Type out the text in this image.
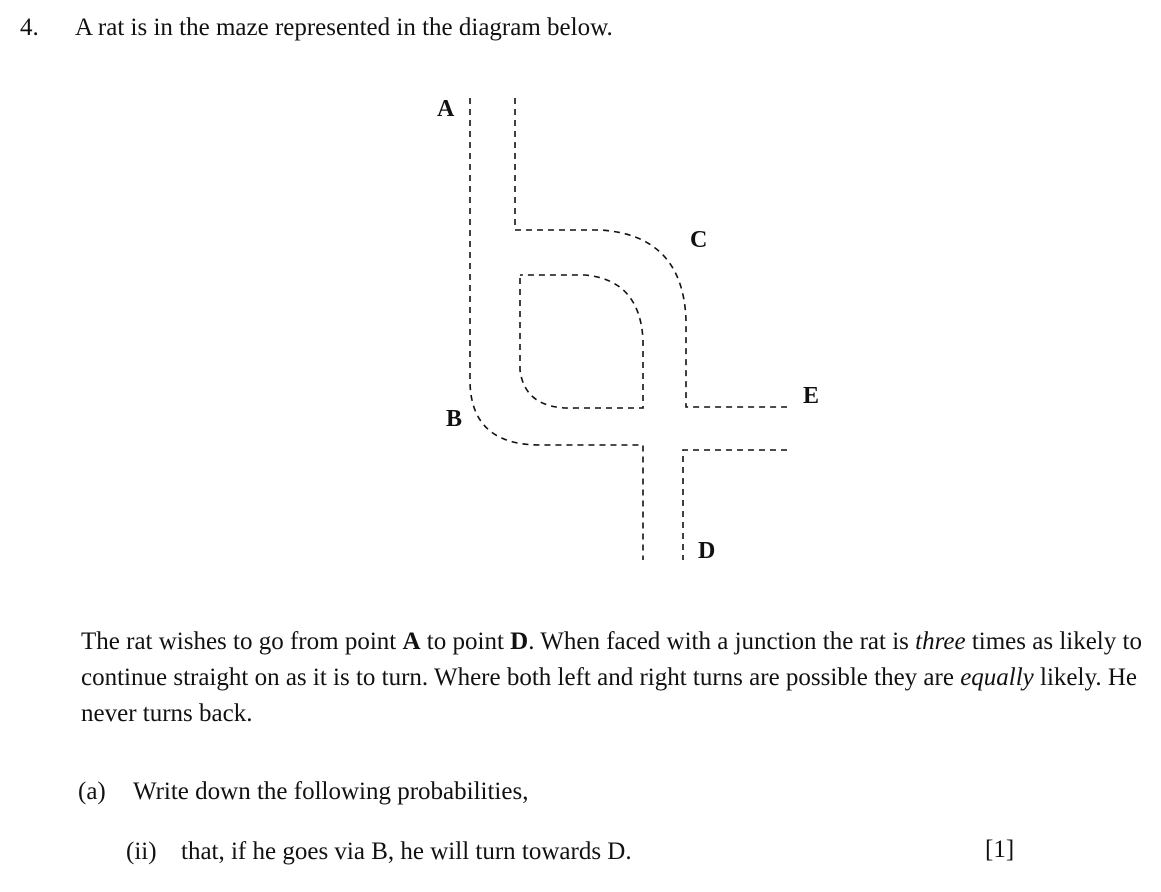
4. A rat is in the maze represented in the diagram below.
A
B
C
D
E
The rat wishes to go from point A to point D. When faced with a junction the rat is three times as likely to continue straight on as it is to turn. Where both left and right turns are possible they are equally likely. He never turns back.
(a) Write down the following probabilities,
(ii) that, if he goes via B, he will turn towards D.	[1]
